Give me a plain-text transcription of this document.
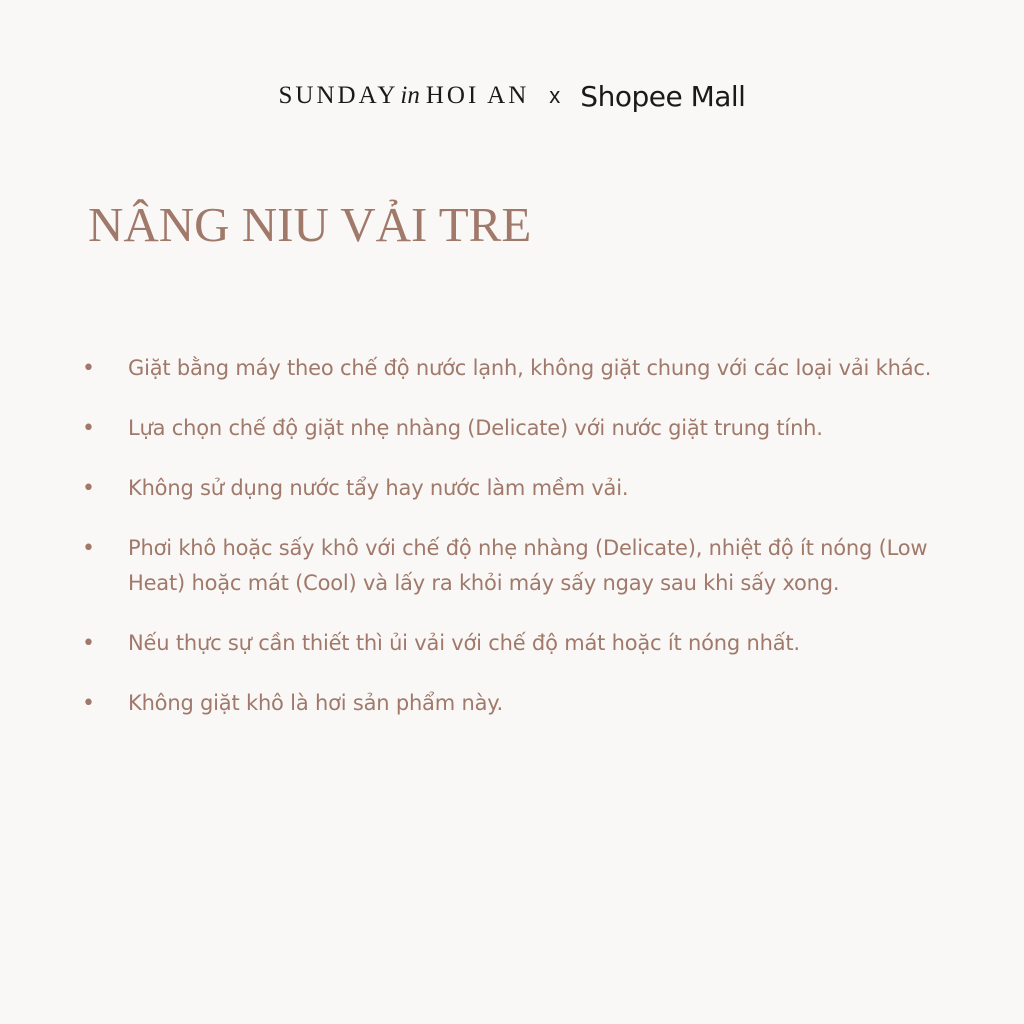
SUNDAYin HOI AN x Shopee Mall
NÂNG NIU VẢI TRE
•	Giặt bằng máy theo chế độ nước lạnh, không giặt chung với các loại vải khác.
•	Lựa chọn chế độ giặt nhẹ nhàng (Delicate) với nước giặt trung tính.
•	Không sử dụng nước tẩy hay nước làm mềm vải.
•	Phơi khô hoặc sấy khô với chế độ nhẹ nhàng (Delicate), nhiệt độ ít nóng (Low Heat) hoặc mát (Cool) và lấy ra khỏi máy sấy ngay sau khi sấy xong.
•	Nếu thực sự cần thiết thì ủi vải với chế độ mát hoặc ít nóng nhất.
•	Không giặt khô là hơi sản phẩm này.
